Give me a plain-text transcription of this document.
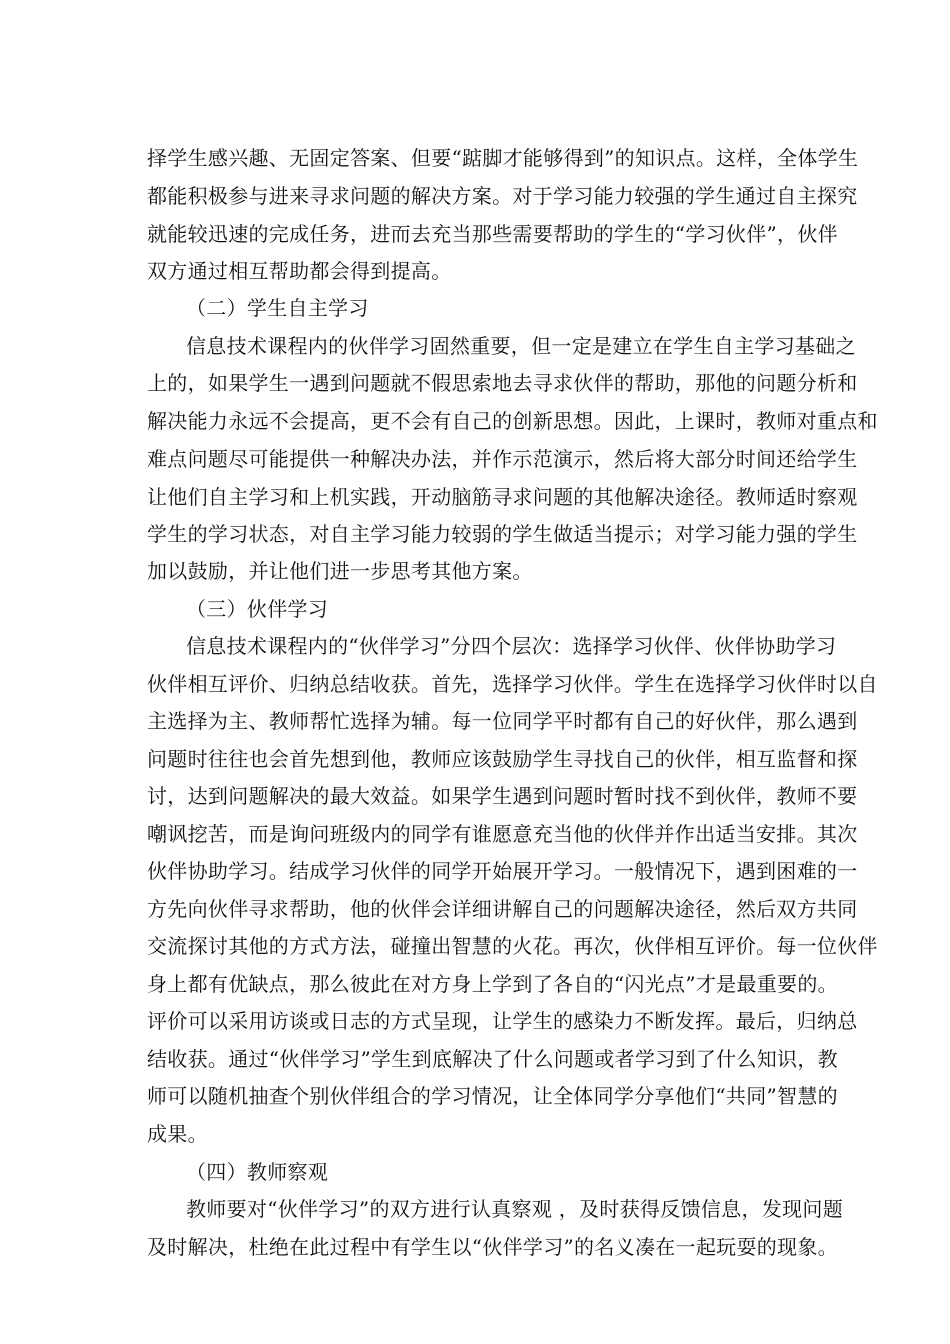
择学生感兴趣、无固定答案、但要“踮脚才能够得到”的知识点。这样，全体学生
都能积极参与进来寻求问题的解决方案。对于学习能力较强的学生通过自主探究
就能较迅速的完成任务，进而去充当那些需要帮助的学生的“学习伙伴”，伙伴
双方通过相互帮助都会得到提高。
（二）学生自主学习
信息技术课程内的伙伴学习固然重要，但一定是建立在学生自主学习基础之
上的，如果学生一遇到问题就不假思索地去寻求伙伴的帮助，那他的问题分析和
解决能力永远不会提高，更不会有自己的创新思想。因此，上课时，教师对重点和
难点问题尽可能提供一种解决办法，并作示范演示，然后将大部分时间还给学生
让他们自主学习和上机实践，开动脑筋寻求问题的其他解决途径。教师适时察观
学生的学习状态，对自主学习能力较弱的学生做适当提示；对学习能力强的学生
加以鼓励，并让他们进一步思考其他方案。
（三）伙伴学习
信息技术课程内的“伙伴学习”分四个层次：选择学习伙伴、伙伴协助学习
伙伴相互评价、归纳总结收获。首先，选择学习伙伴。学生在选择学习伙伴时以自
主选择为主、教师帮忙选择为辅。每一位同学平时都有自己的好伙伴，那么遇到
问题时往往也会首先想到他，教师应该鼓励学生寻找自己的伙伴，相互监督和探
讨，达到问题解决的最大效益。如果学生遇到问题时暂时找不到伙伴，教师不要
嘲讽挖苦，而是询问班级内的同学有谁愿意充当他的伙伴并作出适当安排。其次
伙伴协助学习。结成学习伙伴的同学开始展开学习。一般情况下，遇到困难的一
方先向伙伴寻求帮助，他的伙伴会详细讲解自己的问题解决途径，然后双方共同
交流探讨其他的方式方法，碰撞出智慧的火花。再次，伙伴相互评价。每一位伙伴
身上都有优缺点，那么彼此在对方身上学到了各自的“闪光点”才是最重要的。
评价可以采用访谈或日志的方式呈现，让学生的感染力不断发挥。最后，归纳总
结收获。通过“伙伴学习”学生到底解决了什么问题或者学习到了什么知识，教
师可以随机抽查个别伙伴组合的学习情况，让全体同学分享他们“共同”智慧的
成果。
（四）教师察观
教师要对“伙伴学习”的双方进行认真察观 ，及时获得反馈信息，发现问题
及时解决，杜绝在此过程中有学生以“伙伴学习”的名义凑在一起玩耍的现象。
